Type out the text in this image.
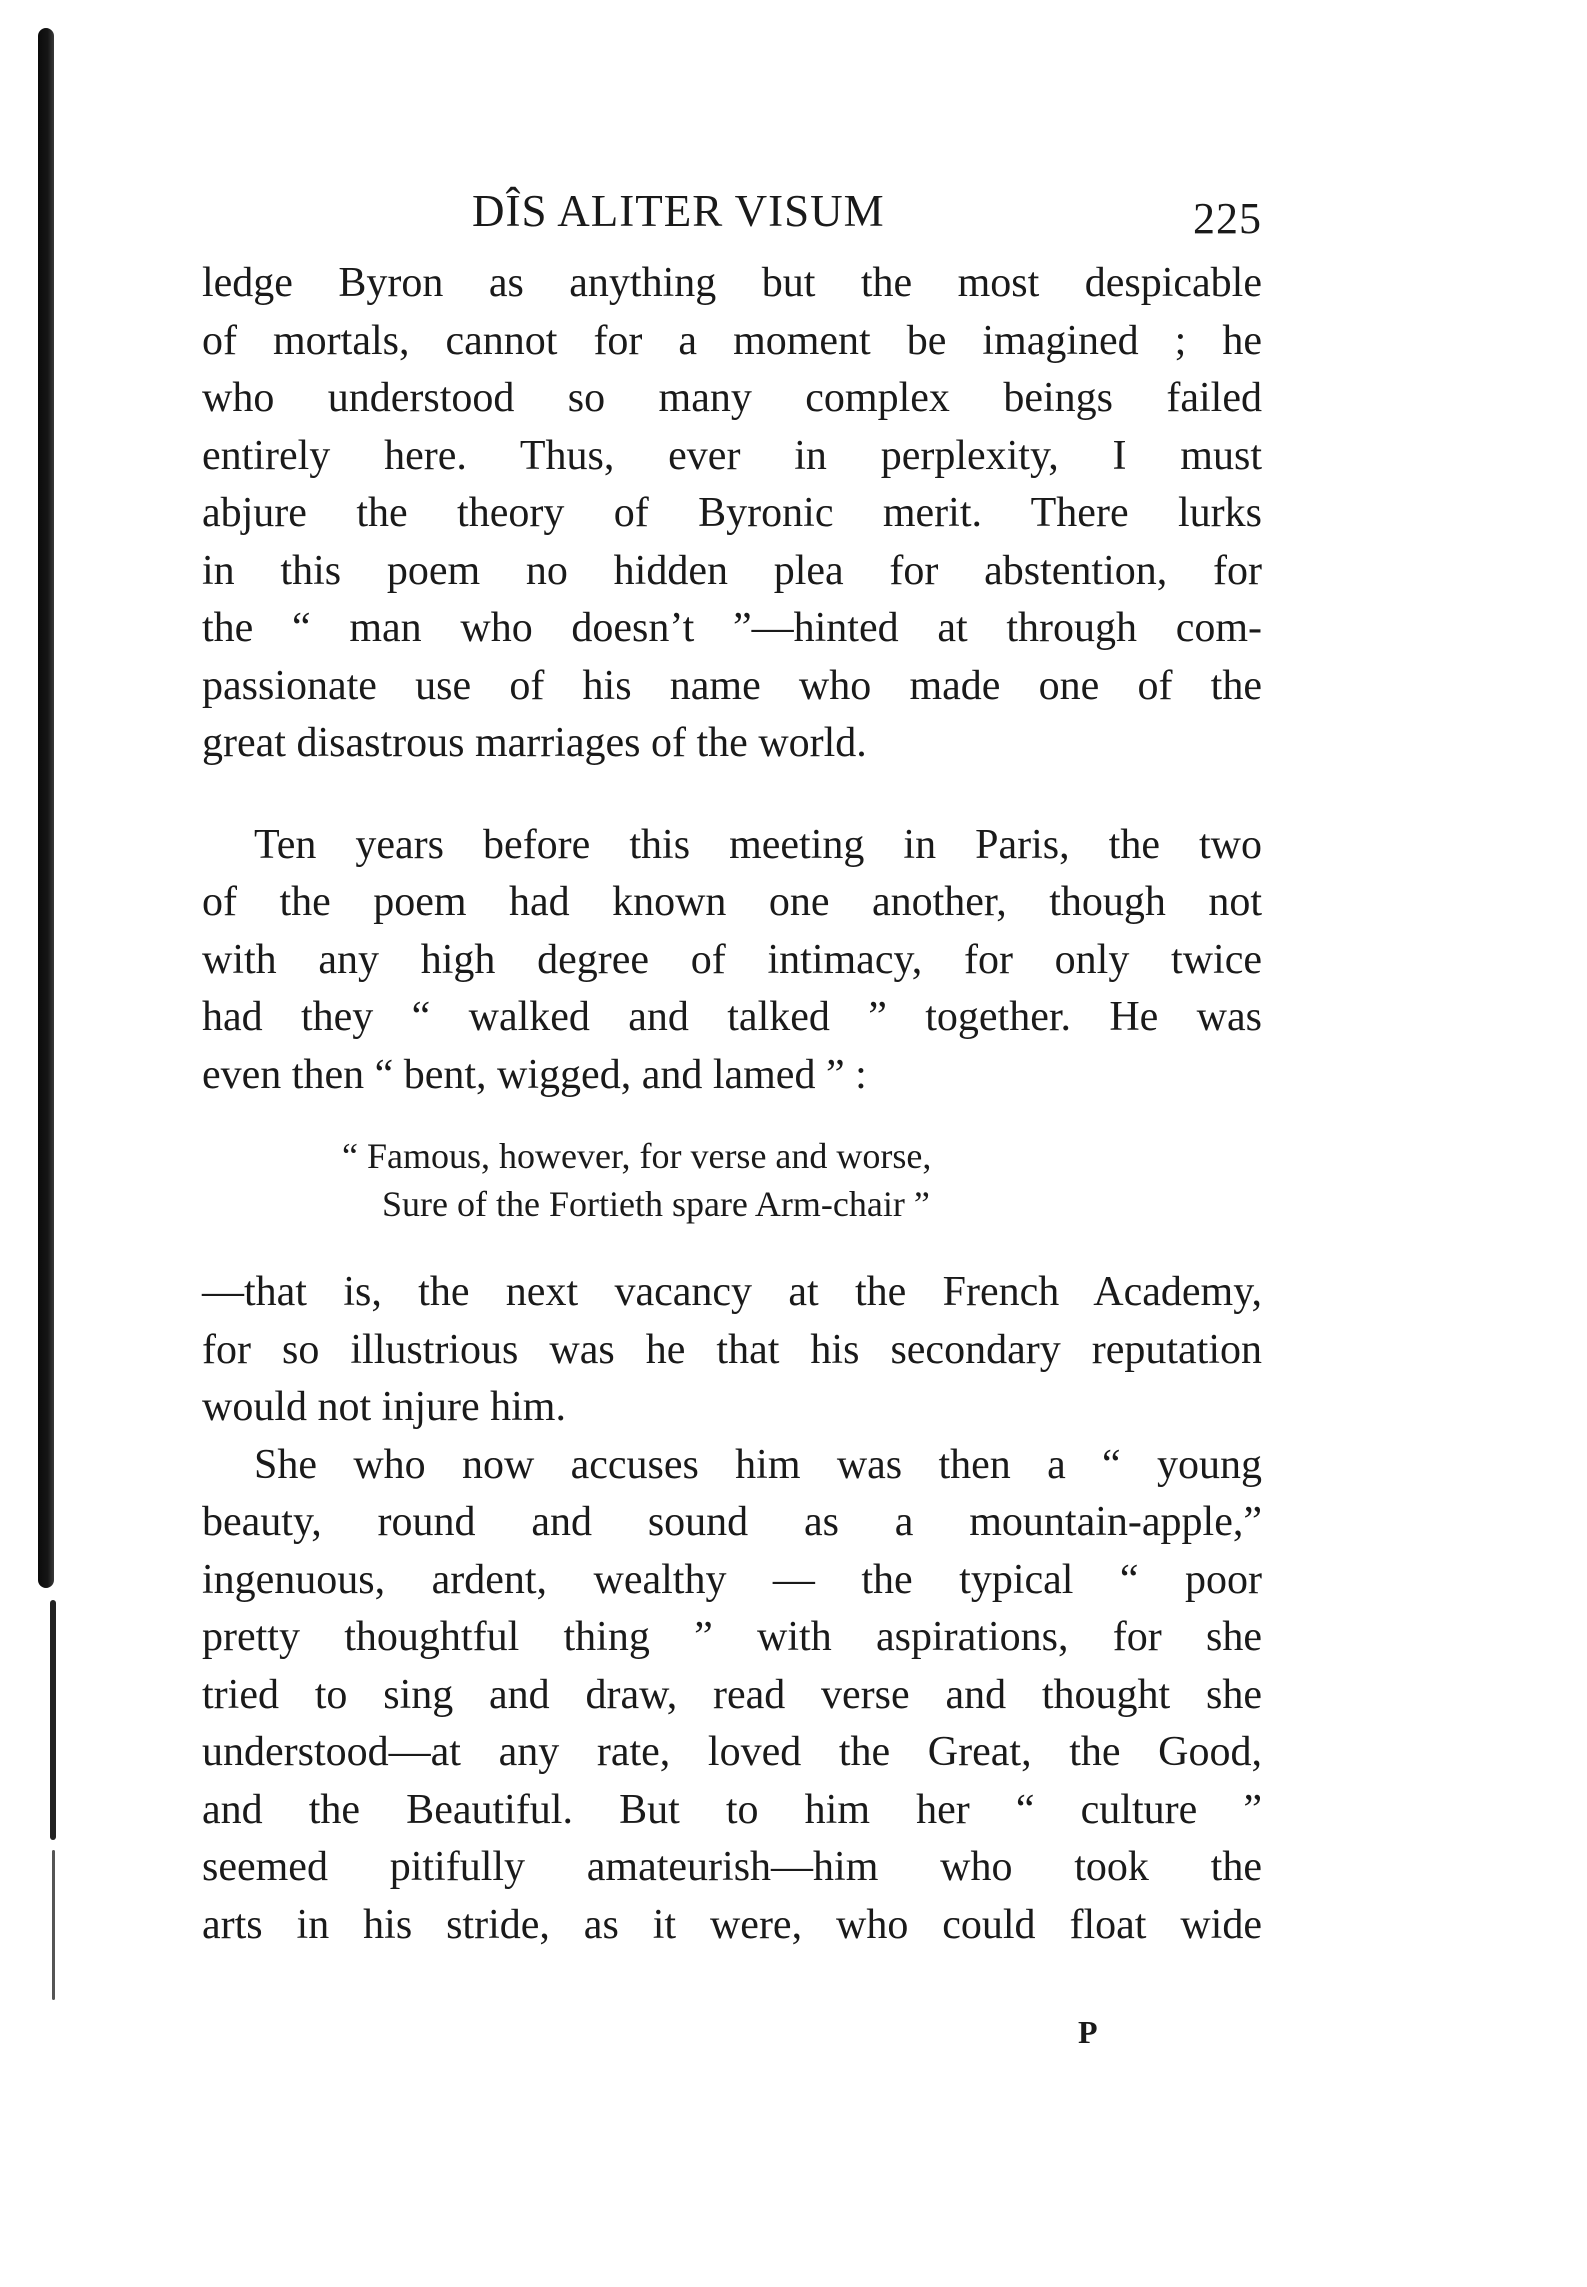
DÎS ALITER VISUM	225
ledge Byron as anything but the most despicable
of mortals, cannot for a moment be imagined ; he
who understood so many complex beings failed
entirely here. Thus, ever in perplexity, I must
abjure the theory of Byronic merit. There lurks
in this poem no hidden plea for abstention, for
the “ man who doesn’t ”—hinted at through com-
passionate use of his name who made one of the
great disastrous marriages of the world.
Ten years before this meeting in Paris, the two
of the poem had known one another, though not
with any high degree of intimacy, for only twice
had they “ walked and talked ” together. He was
even then “ bent, wigged, and lamed ” :
“ Famous, however, for verse and worse,
Sure of the Fortieth spare Arm-chair ”
—that is, the next vacancy at the French Academy,
for so illustrious was he that his secondary reputation
would not injure him.
She who now accuses him was then a “ young
beauty, round and sound as a mountain-apple,”
ingenuous, ardent, wealthy — the typical “ poor
pretty thoughtful thing ” with aspirations, for she
tried to sing and draw, read verse and thought she
understood—at any rate, loved the Great, the Good,
and the Beautiful. But to him her “ culture ”
seemed pitifully amateurish—him who took the
arts in his stride, as it were, who could float wide
P
